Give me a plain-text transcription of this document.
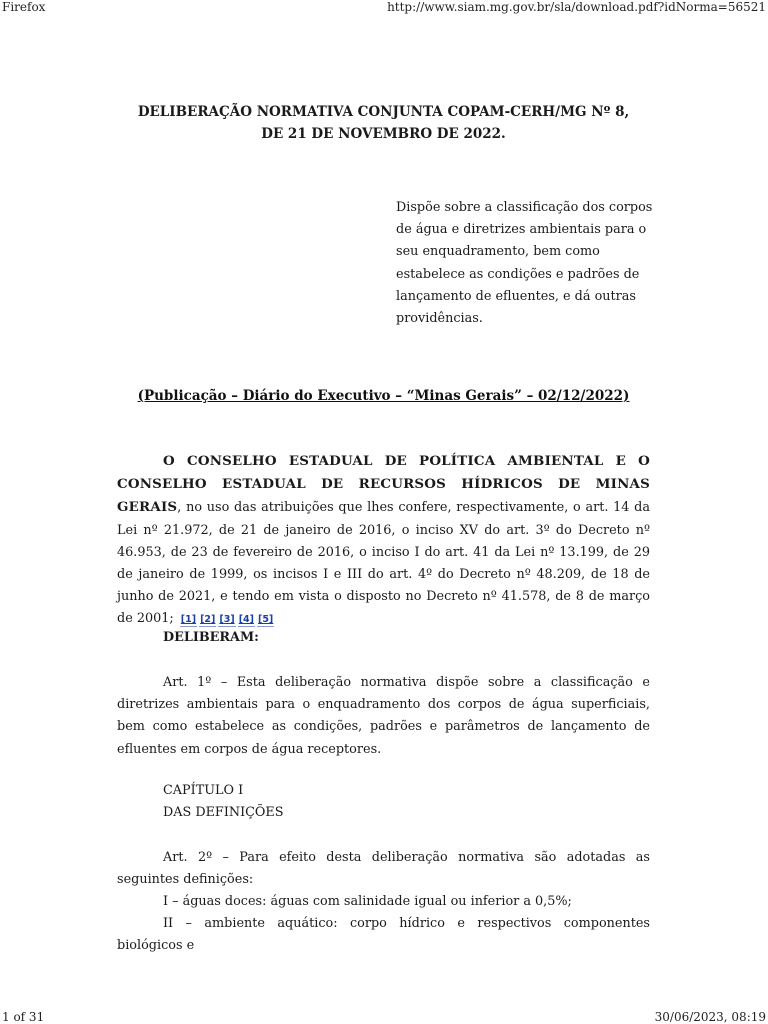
Firefox	http://www.siam.mg.gov.br/sla/download.pdf?idNorma=56521
DELIBERAÇÃO NORMATIVA CONJUNTA COPAM-CERH/MG Nº 8,
DE 21 DE NOVEMBRO DE 2022.
Dispõe sobre a classificação dos corpos de água e diretrizes ambientais para o seu enquadramento, bem como estabelece as condições e padrões de lançamento de efluentes, e dá outras providências.
(Publicação – Diário do Executivo – “Minas Gerais” – 02/12/2022)
O CONSELHO ESTADUAL DE POLÍTICA AMBIENTAL E O CONSELHO ESTADUAL DE RECURSOS HÍDRICOS DE MINAS GERAIS, no uso das atribuições que lhes confere, respectivamente, o art. 14 da Lei nº 21.972, de 21 de janeiro de 2016, o inciso XV do art. 3º do Decreto nº 46.953, de 23 de fevereiro de 2016, o inciso I do art. 41 da Lei nº 13.199, de 29 de janeiro de 1999, os incisos I e III do art. 4º do Decreto nº 48.209, de 18 de junho de 2021, e tendo em vista o disposto no Decreto nº 41.578, de 8 de março de 2001; [1] [2] [3] [4] [5]
DELIBERAM:
Art. 1º – Esta deliberação normativa dispõe sobre a classificação e diretrizes ambientais para o enquadramento dos corpos de água superficiais, bem como estabelece as condições, padrões e parâmetros de lançamento de efluentes em corpos de água receptores.
CAPÍTULO I
DAS DEFINIÇÕES
Art. 2º – Para efeito desta deliberação normativa são adotadas as seguintes definições:
I – águas doces: águas com salinidade igual ou inferior a 0,5%;
II – ambiente aquático: corpo hídrico e respectivos componentes biológicos e
1 of 31	30/06/2023, 08:19
